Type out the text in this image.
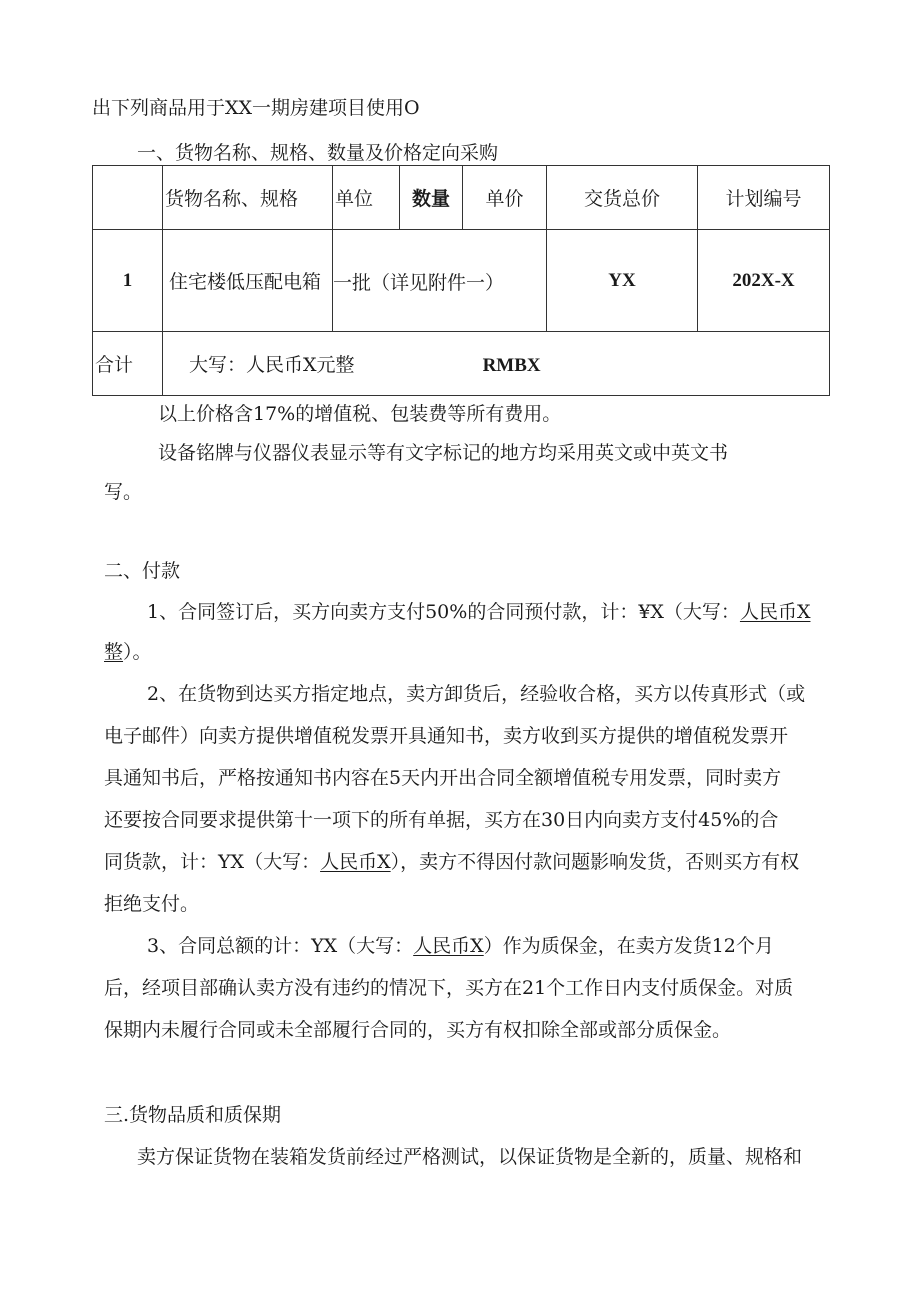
出下列商品用于XX一期房建项目使用O
一、货物名称、规格、数量及价格定向采购
	货物名称、规格	单位	数量	单价	交货总价	计划编号
1	住宅楼低压配电箱	一批（详见附件一）			YX	202X-X
合计	大写：人民币X元整 RMBX					
以上价格含17%的增值税、包装费等所有费用。
设备铭牌与仪器仪表显示等有文字标记的地方均采用英文或中英文书
写。
二、付款
1、合同签订后，买方向卖方支付50%的合同预付款，计：¥X（大写：人民币X
整）。
2、在货物到达买方指定地点，卖方卸货后，经验收合格，买方以传真形式（或
电子邮件）向卖方提供增值税发票开具通知书，卖方收到买方提供的增值税发票开
具通知书后，严格按通知书内容在5天内开出合同全额增值税专用发票，同时卖方
还要按合同要求提供第十一项下的所有单据，买方在30日内向卖方支付45%的合
同货款，计：YX（大写：人民币X），卖方不得因付款问题影响发货，否则买方有权
拒绝支付。
3、合同总额的计：YX（大写：人民币X）作为质保金，在卖方发货12个月
后，经项目部确认卖方没有违约的情况下，买方在21个工作日内支付质保金。对质
保期内未履行合同或未全部履行合同的，买方有权扣除全部或部分质保金。
三.货物品质和质保期
卖方保证货物在装箱发货前经过严格测试，以保证货物是全新的，质量、规格和
